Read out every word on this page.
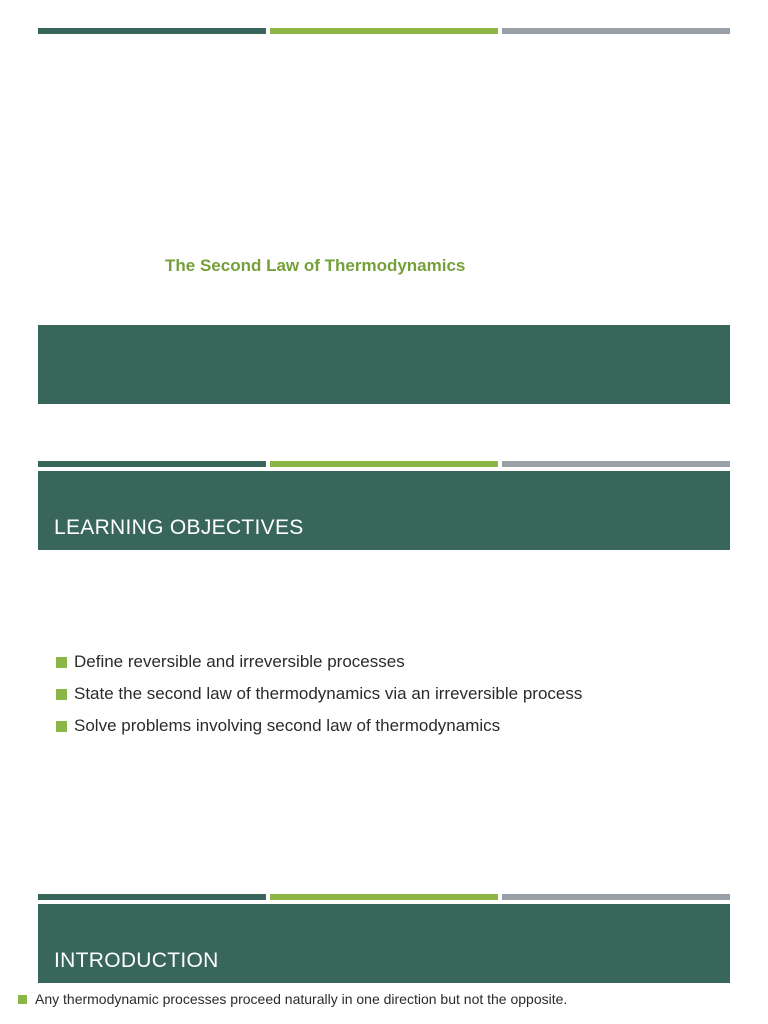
The Second Law of Thermodynamics
LEARNING OBJECTIVES
Define reversible and irreversible processes
State the second law of thermodynamics via an irreversible process
Solve problems involving second law of thermodynamics
INTRODUCTION
Any thermodynamic processes proceed naturally in one direction but not the opposite.
